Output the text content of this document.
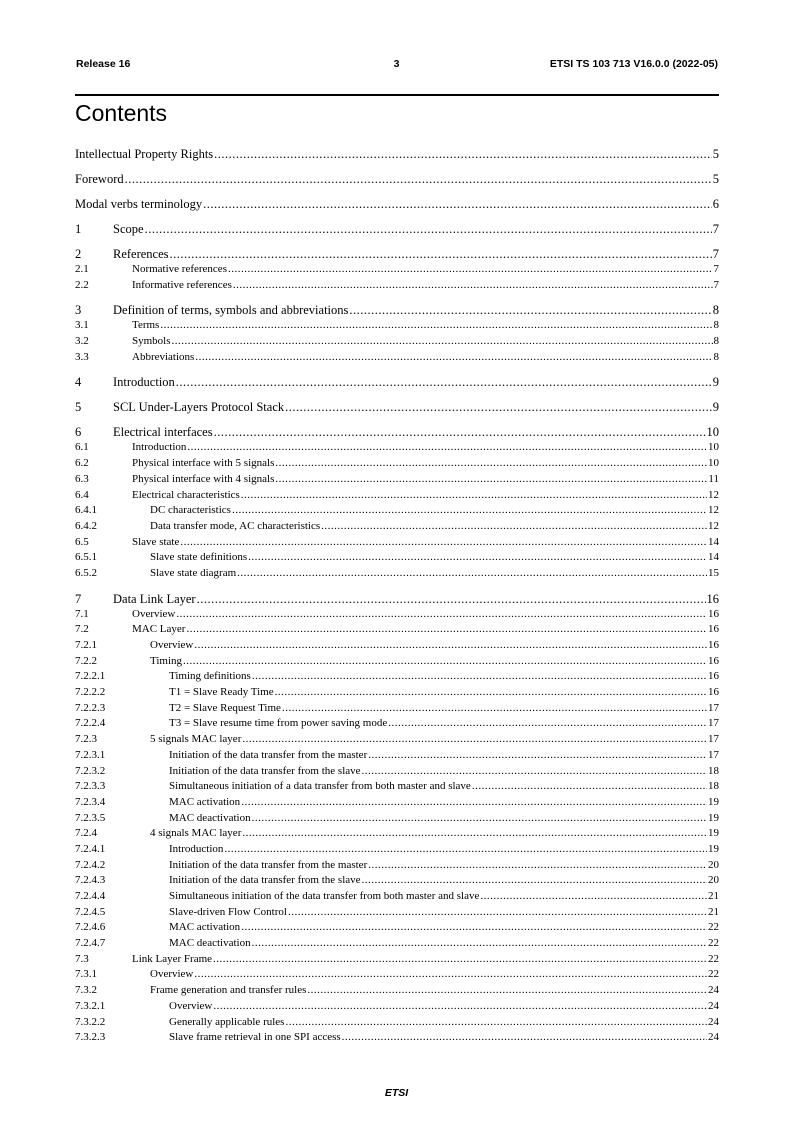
Release 16	3	ETSI TS 103 713 V16.0.0 (2022-05)
Contents
Intellectual Property Rights .....	5
Foreword .....	5
Modal verbs terminology .....	6
1	Scope .....	7
2	References .....	7
2.1	Normative references .....	7
2.2	Informative references .....	7
3	Definition of terms, symbols and abbreviations .....	8
3.1	Terms .....	8
3.2	Symbols .....	8
3.3	Abbreviations .....	8
4	Introduction .....	9
5	SCL Under-Layers Protocol Stack .....	9
6	Electrical interfaces .....	10
6.1	Introduction .....	10
6.2	Physical interface with 5 signals .....	10
6.3	Physical interface with 4 signals .....	11
6.4	Electrical characteristics .....	12
6.4.1	DC characteristics .....	12
6.4.2	Data transfer mode, AC characteristics .....	12
6.5	Slave state .....	14
6.5.1	Slave state definitions .....	14
6.5.2	Slave state diagram .....	15
7	Data Link Layer .....	16
7.1	Overview .....	16
7.2	MAC Layer .....	16
7.2.1	Overview .....	16
7.2.2	Timing .....	16
7.2.2.1	Timing definitions .....	16
7.2.2.2	T1 = Slave Ready Time .....	16
7.2.2.3	T2 = Slave Request Time .....	17
7.2.2.4	T3 = Slave resume time from power saving mode .....	17
7.2.3	5 signals MAC layer .....	17
7.2.3.1	Initiation of the data transfer from the master .....	17
7.2.3.2	Initiation of the data transfer from the slave .....	18
7.2.3.3	Simultaneous initiation of a data transfer from both master and slave .....	18
7.2.3.4	MAC activation .....	19
7.2.3.5	MAC deactivation .....	19
7.2.4	4 signals MAC layer .....	19
7.2.4.1	Introduction .....	19
7.2.4.2	Initiation of the data transfer from the master .....	20
7.2.4.3	Initiation of the data transfer from the slave .....	20
7.2.4.4	Simultaneous initiation of the data transfer from both master and slave .....	21
7.2.4.5	Slave-driven Flow Control .....	21
7.2.4.6	MAC activation .....	22
7.2.4.7	MAC deactivation .....	22
7.3	Link Layer Frame .....	22
7.3.1	Overview .....	22
7.3.2	Frame generation and transfer rules .....	24
7.3.2.1	Overview .....	24
7.3.2.2	Generally applicable rules .....	24
7.3.2.3	Slave frame retrieval in one SPI access .....	24
ETSI
